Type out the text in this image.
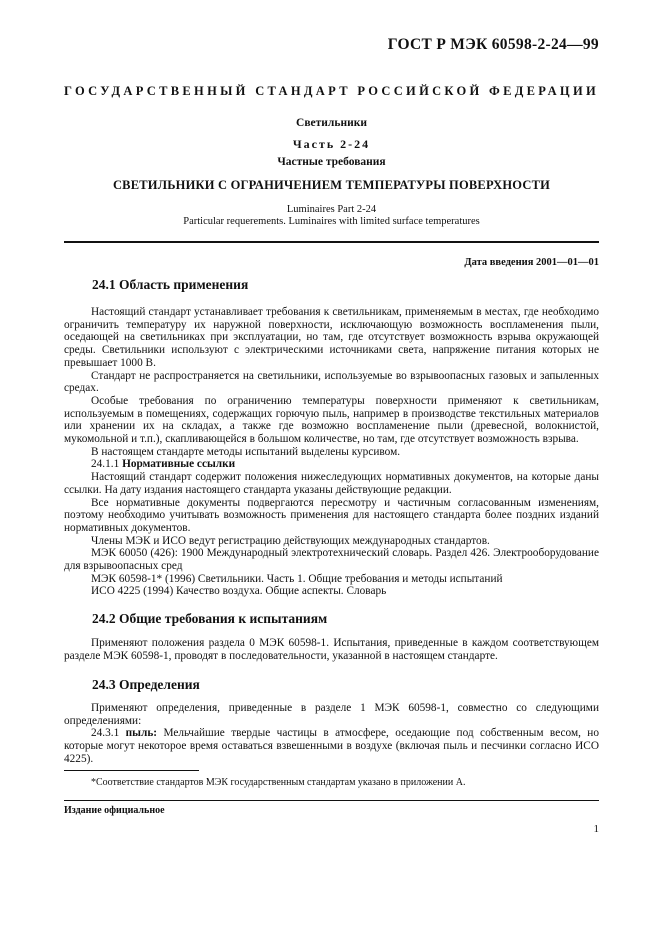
ГОСТ Р МЭК 60598-2-24—99
ГОСУДАРСТВЕННЫЙ СТАНДАРТ РОССИЙСКОЙ ФЕДЕРАЦИИ
Светильники
Часть 2-24
Частные требования
СВЕТИЛЬНИКИ С ОГРАНИЧЕНИЕМ ТЕМПЕРАТУРЫ ПОВЕРХНОСТИ
Luminaires Part 2-24
Particular requerements. Luminaires with limited surface temperatures
Дата введения 2001—01—01
24.1 Область применения

Настоящий стандарт устанавливает требования к светильникам, применяемым в местах, где необходимо ограничить температуру их наружной поверхности, исключающую возможность воспламенения пыли, оседающей на светильниках при эксплуатации, но там, где отсутствует возможность взрыва окружающей среды. Светильники используют с электрическими источниками света, напряжение питания которых не превышает 1000 В.

Стандарт не распространяется на светильники, используемые во взрывоопасных газовых и запыленных средах.

Особые требования по ограничению температуры поверхности применяют к светильникам, используемым в помещениях, содержащих горючую пыль, например в производстве текстильных материалов или хранении их на складах, а также где возможно воспламенение пыли (древесной, волокнистой, мукомольной и т.п.), скапливающейся в большом количестве, но там, где отсутствует возможность взрыва.

В настоящем стандарте методы испытаний выделены курсивом.

24.1.1 Нормативные ссылки

Настоящий стандарт содержит положения нижеследующих нормативных документов, на которые даны ссылки. На дату издания настоящего стандарта указаны действующие редакции.

Все нормативные документы подвергаются пересмотру и частичным согласованным изменениям, поэтому необходимо учитывать возможность применения для настоящего стандарта более поздних изданий нормативных документов.

Члены МЭК и ИСО ведут регистрацию действующих международных стандартов.

МЭК 60050 (426): 1900 Международный электротехнический словарь. Раздел 426. Электрооборудование для взрывоопасных сред

МЭК 60598-1* (1996) Светильники. Часть 1. Общие требования и методы испытаний

ИСО 4225 (1994) Качество воздуха. Общие аспекты. Словарь

24.2 Общие требования к испытаниям

Применяют положения раздела 0 МЭК 60598-1. Испытания, приведенные в каждом соответствующем разделе МЭК 60598-1, проводят в последовательности, указанной в настоящем стандарте.

24.3 Определения

Применяют определения, приведенные в разделе 1 МЭК 60598-1, совместно со следующими определениями:

24.3.1 пыль: Мельчайшие твердые частицы в атмосфере, оседающие под собственным весом, но которые могут некоторое время оставаться взвешенными в воздухе (включая пыль и песчинки согласно ИСО 4225).

*Соответствие стандартов МЭК государственным стандартам указано в приложении А.

Издание официальное
1
